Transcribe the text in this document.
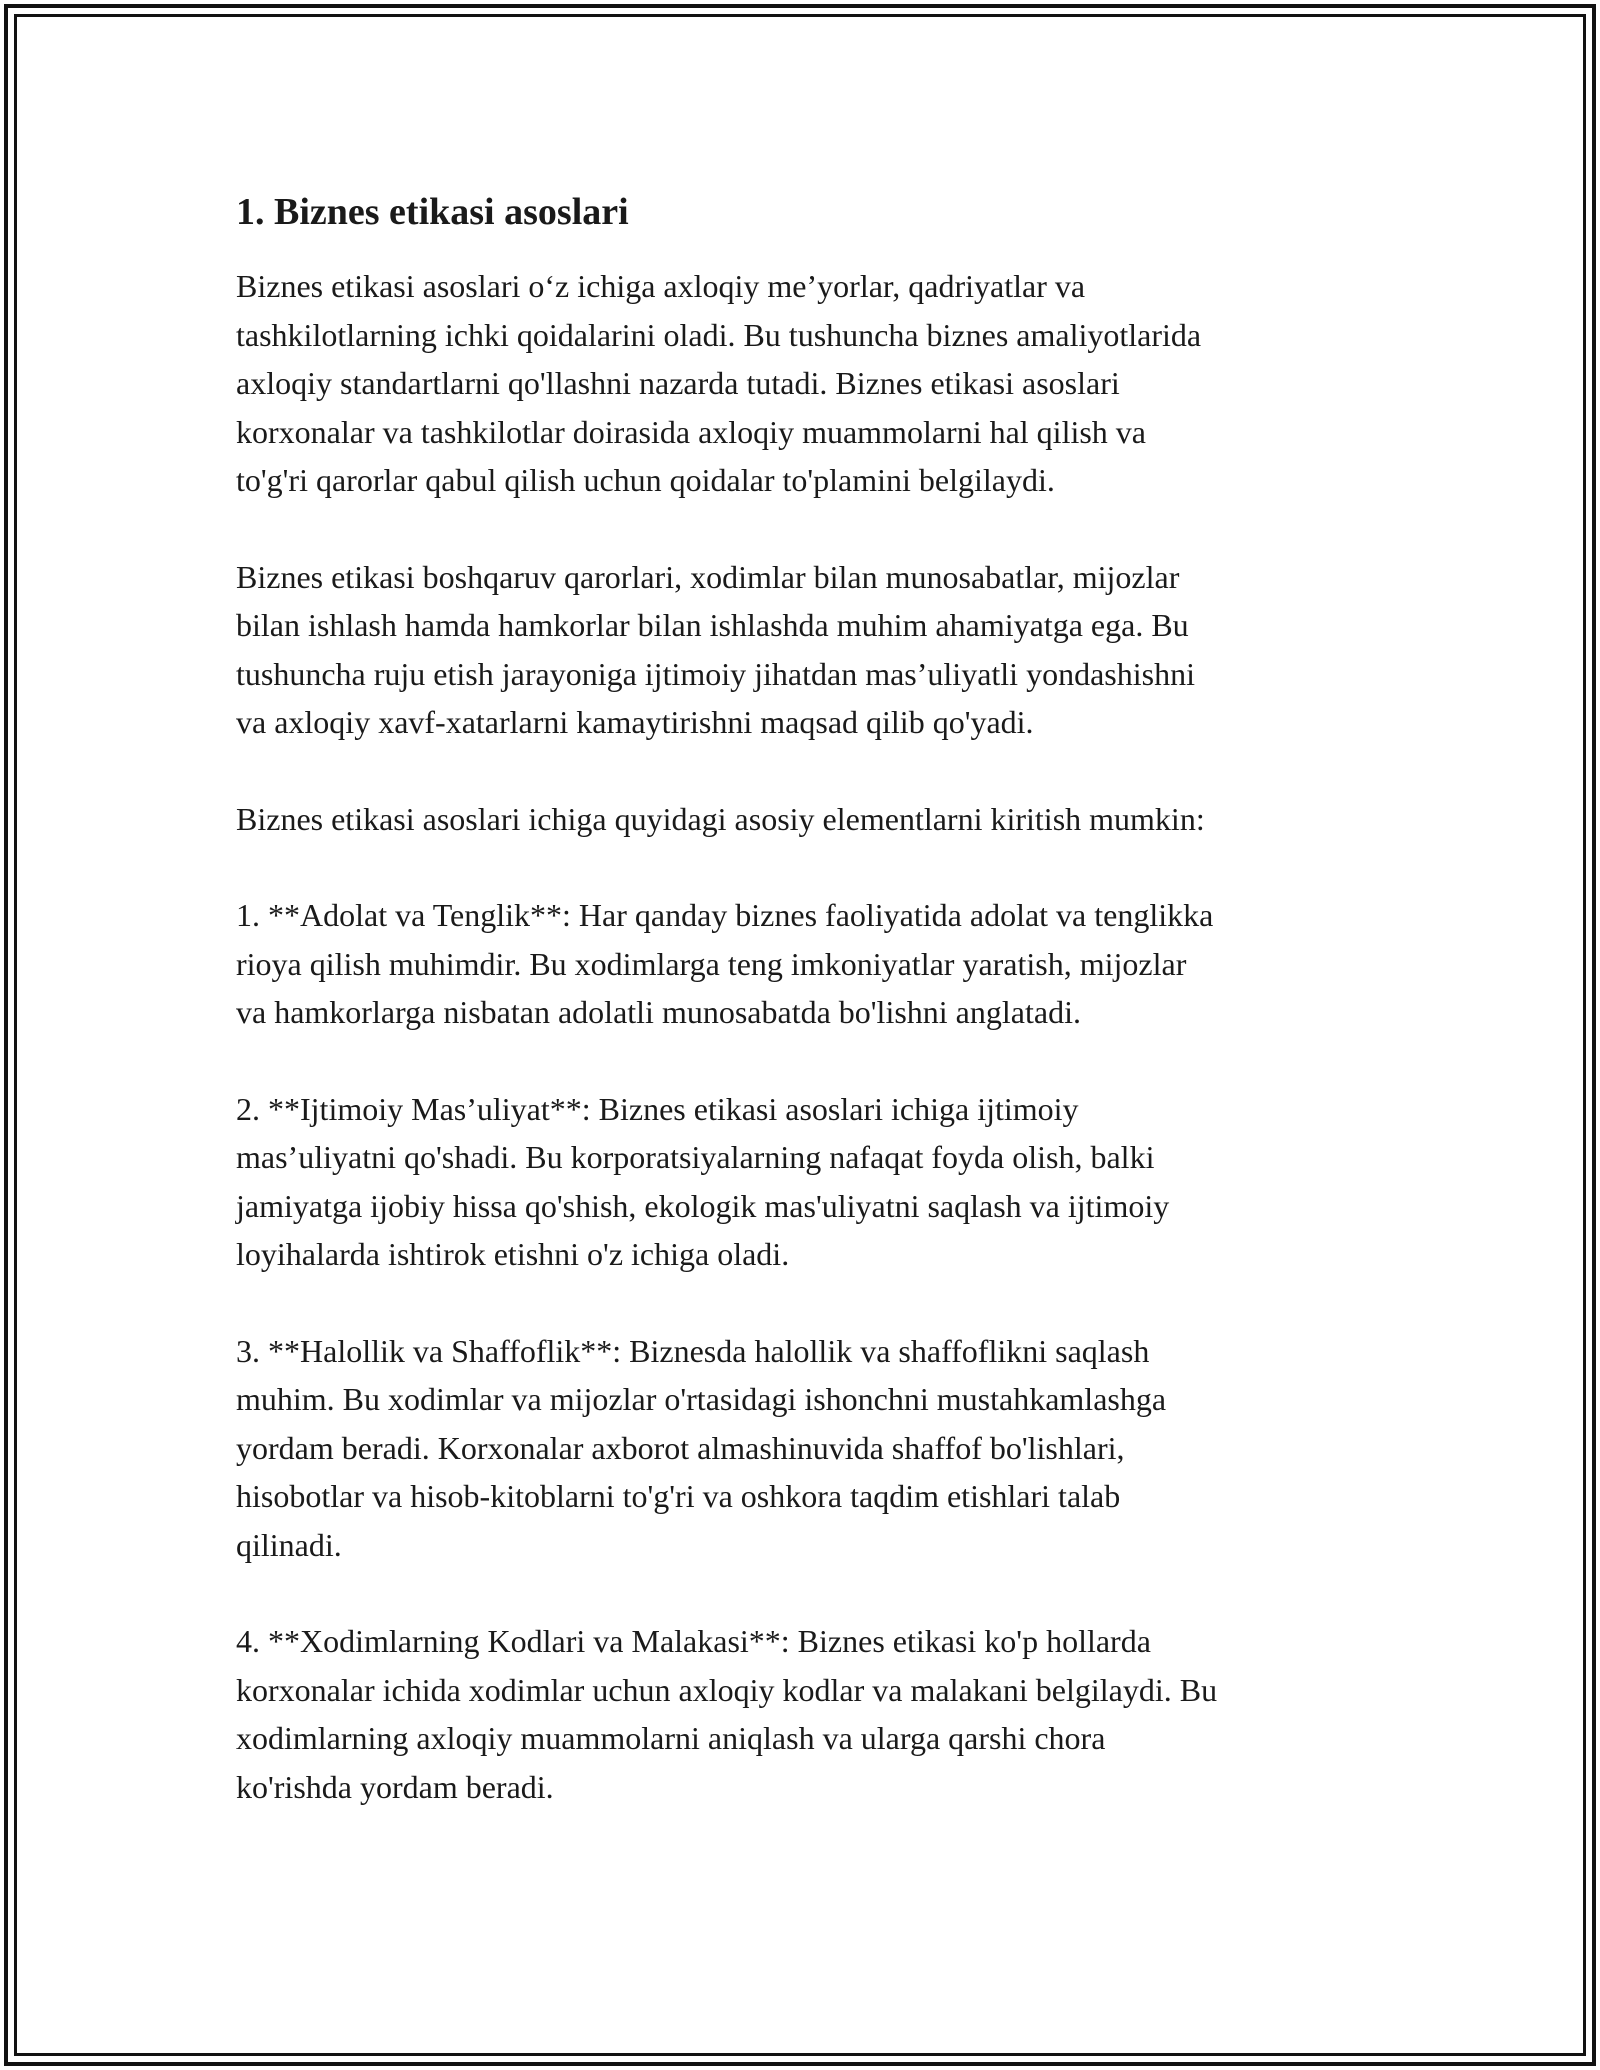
1. Biznes etikasi asoslari

Biznes etikasi asoslari o‘z ichiga axloqiy me’yorlar, qadriyatlar va
tashkilotlarning ichki qoidalarini oladi. Bu tushuncha biznes amaliyotlarida
axloqiy standartlarni qo'llashni nazarda tutadi. Biznes etikasi asoslari
korxonalar va tashkilotlar doirasida axloqiy muammolarni hal qilish va
to'g'ri qarorlar qabul qilish uchun qoidalar to'plamini belgilaydi.

Biznes etikasi boshqaruv qarorlari, xodimlar bilan munosabatlar, mijozlar
bilan ishlash hamda hamkorlar bilan ishlashda muhim ahamiyatga ega. Bu
tushuncha ruju etish jarayoniga ijtimoiy jihatdan mas’uliyatli yondashishni
va axloqiy xavf-xatarlarni kamaytirishni maqsad qilib qo'yadi.

Biznes etikasi asoslari ichiga quyidagi asosiy elementlarni kiritish mumkin:

1. **Adolat va Tenglik**: Har qanday biznes faoliyatida adolat va tenglikka
rioya qilish muhimdir. Bu xodimlarga teng imkoniyatlar yaratish, mijozlar
va hamkorlarga nisbatan adolatli munosabatda bo'lishni anglatadi.

2. **Ijtimoiy Mas’uliyat**: Biznes etikasi asoslari ichiga ijtimoiy
mas’uliyatni qo'shadi. Bu korporatsiyalarning nafaqat foyda olish, balki
jamiyatga ijobiy hissa qo'shish, ekologik mas'uliyatni saqlash va ijtimoiy
loyihalarda ishtirok etishni o'z ichiga oladi.

3. **Halollik va Shaffoflik**: Biznesda halollik va shaffoflikni saqlash
muhim. Bu xodimlar va mijozlar o'rtasidagi ishonchni mustahkamlashga
yordam beradi. Korxonalar axborot almashinuvida shaffof bo'lishlari,
hisobotlar va hisob-kitoblarni to'g'ri va oshkora taqdim etishlari talab
qilinadi.

4. **Xodimlarning Kodlari va Malakasi**: Biznes etikasi ko'p hollarda
korxonalar ichida xodimlar uchun axloqiy kodlar va malakani belgilaydi. Bu
xodimlarning axloqiy muammolarni aniqlash va ularga qarshi chora
ko'rishda yordam beradi.
